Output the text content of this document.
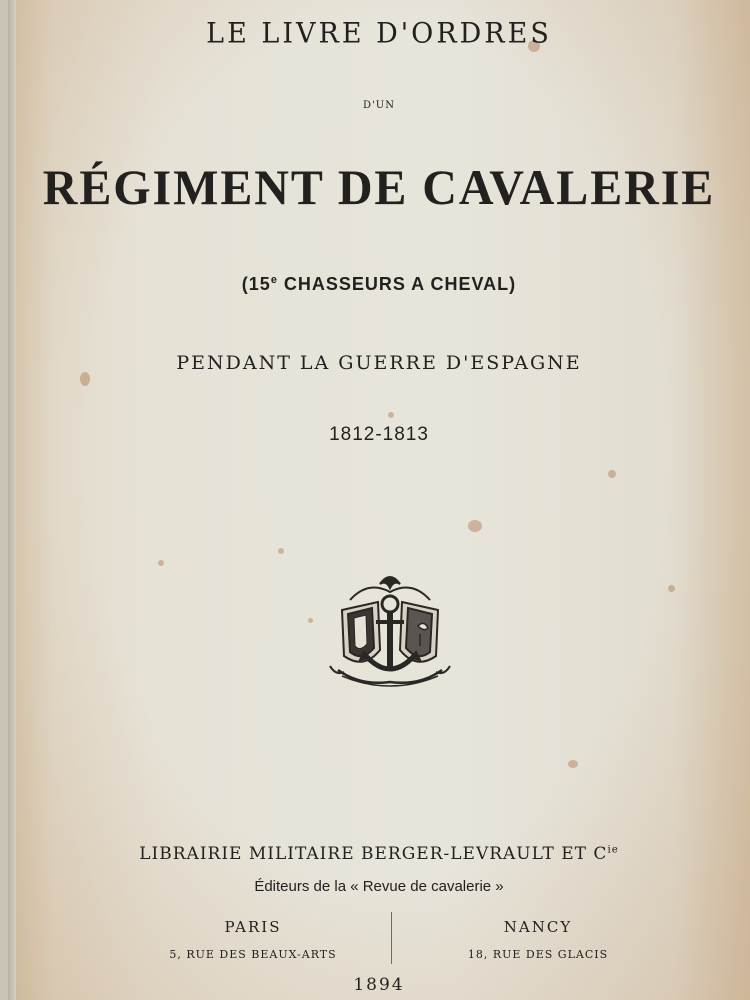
LE LIVRE D'ORDRES
D'UN
RÉGIMENT DE CAVALERIE
(15e CHASSEURS A CHEVAL)
PENDANT LA GUERRE D'ESPAGNE
1812-1813
LIBRAIRIE MILITAIRE BERGER-LEVRAULT ET $C^{ie}$
Éditeurs de la « Revue de cavalerie »
PARIS
5, RUE DES BEAUX-ARTS
NANCY
18, RUE DES GLACIS
1894
